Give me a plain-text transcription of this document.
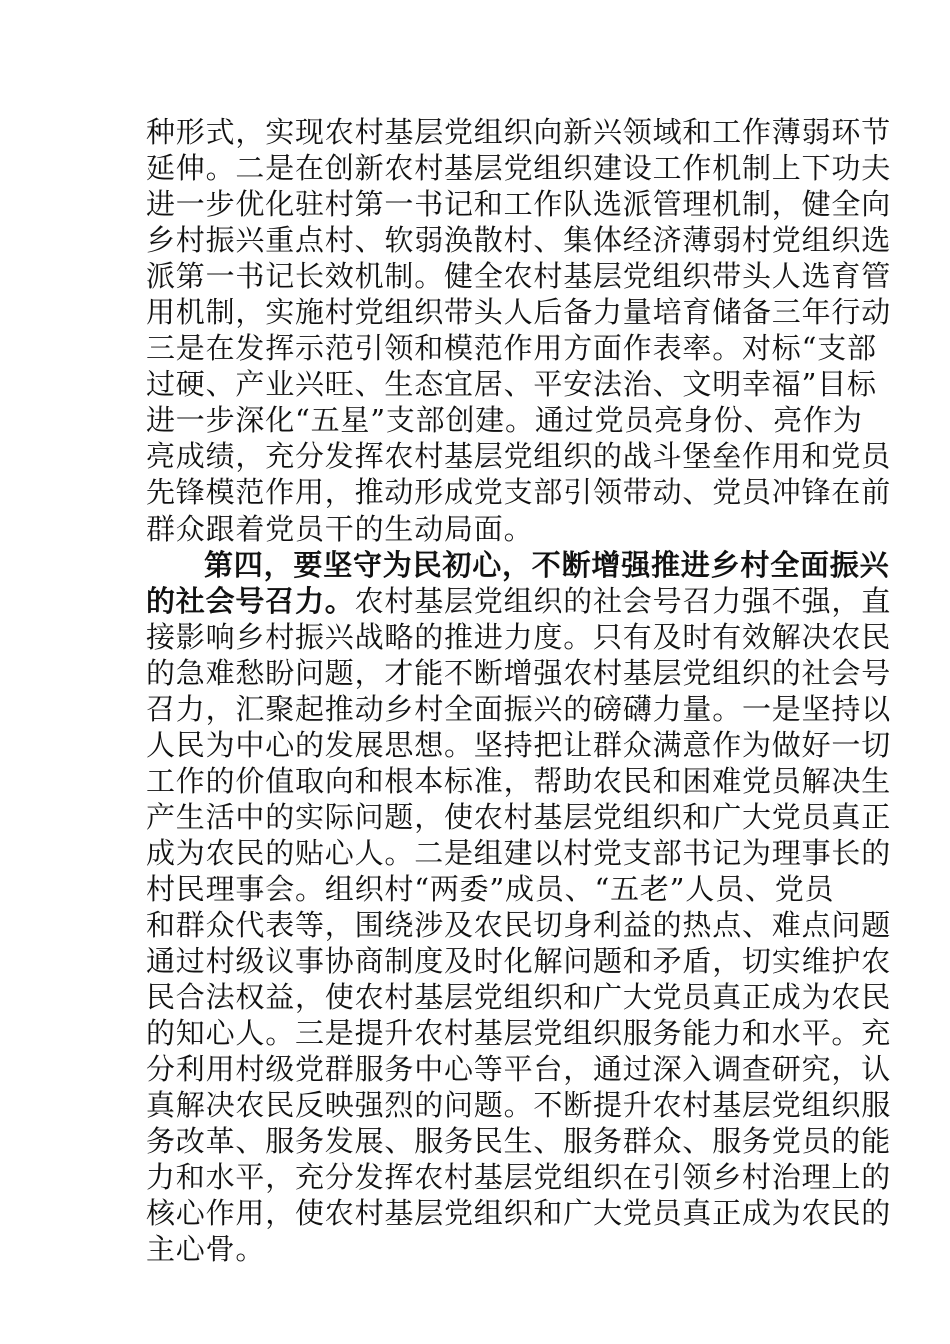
种形式，实现农村基层党组织向新兴领域和工作薄弱环节
延伸。二是在创新农村基层党组织建设工作机制上下功夫
进一步优化驻村第一书记和工作队选派管理机制，健全向
乡村振兴重点村、软弱涣散村、集体经济薄弱村党组织选
派第一书记长效机制。健全农村基层党组织带头人选育管
用机制，实施村党组织带头人后备力量培育储备三年行动
三是在发挥示范引领和模范作用方面作表率。对标“支部
过硬、产业兴旺、生态宜居、平安法治、文明幸福”目标
进一步深化“五星”支部创建。通过党员亮身份、亮作为
亮成绩，充分发挥农村基层党组织的战斗堡垒作用和党员
先锋模范作用，推动形成党支部引领带动、党员冲锋在前
群众跟着党员干的生动局面。
第四，要坚守为民初心，不断增强推进乡村全面振兴
的社会号召力。农村基层党组织的社会号召力强不强，直
接影响乡村振兴战略的推进力度。只有及时有效解决农民
的急难愁盼问题，才能不断增强农村基层党组织的社会号
召力，汇聚起推动乡村全面振兴的磅礴力量。一是坚持以
人民为中心的发展思想。坚持把让群众满意作为做好一切
工作的价值取向和根本标准，帮助农民和困难党员解决生
产生活中的实际问题，使农村基层党组织和广大党员真正
成为农民的贴心人。二是组建以村党支部书记为理事长的
村民理事会。组织村“两委”成员、“五老”人员、党员
和群众代表等，围绕涉及农民切身利益的热点、难点问题
通过村级议事协商制度及时化解问题和矛盾，切实维护农
民合法权益，使农村基层党组织和广大党员真正成为农民
的知心人。三是提升农村基层党组织服务能力和水平。充
分利用村级党群服务中心等平台，通过深入调查研究，认
真解决农民反映强烈的问题。不断提升农村基层党组织服
务改革、服务发展、服务民生、服务群众、服务党员的能
力和水平，充分发挥农村基层党组织在引领乡村治理上的
核心作用，使农村基层党组织和广大党员真正成为农民的
主心骨。
